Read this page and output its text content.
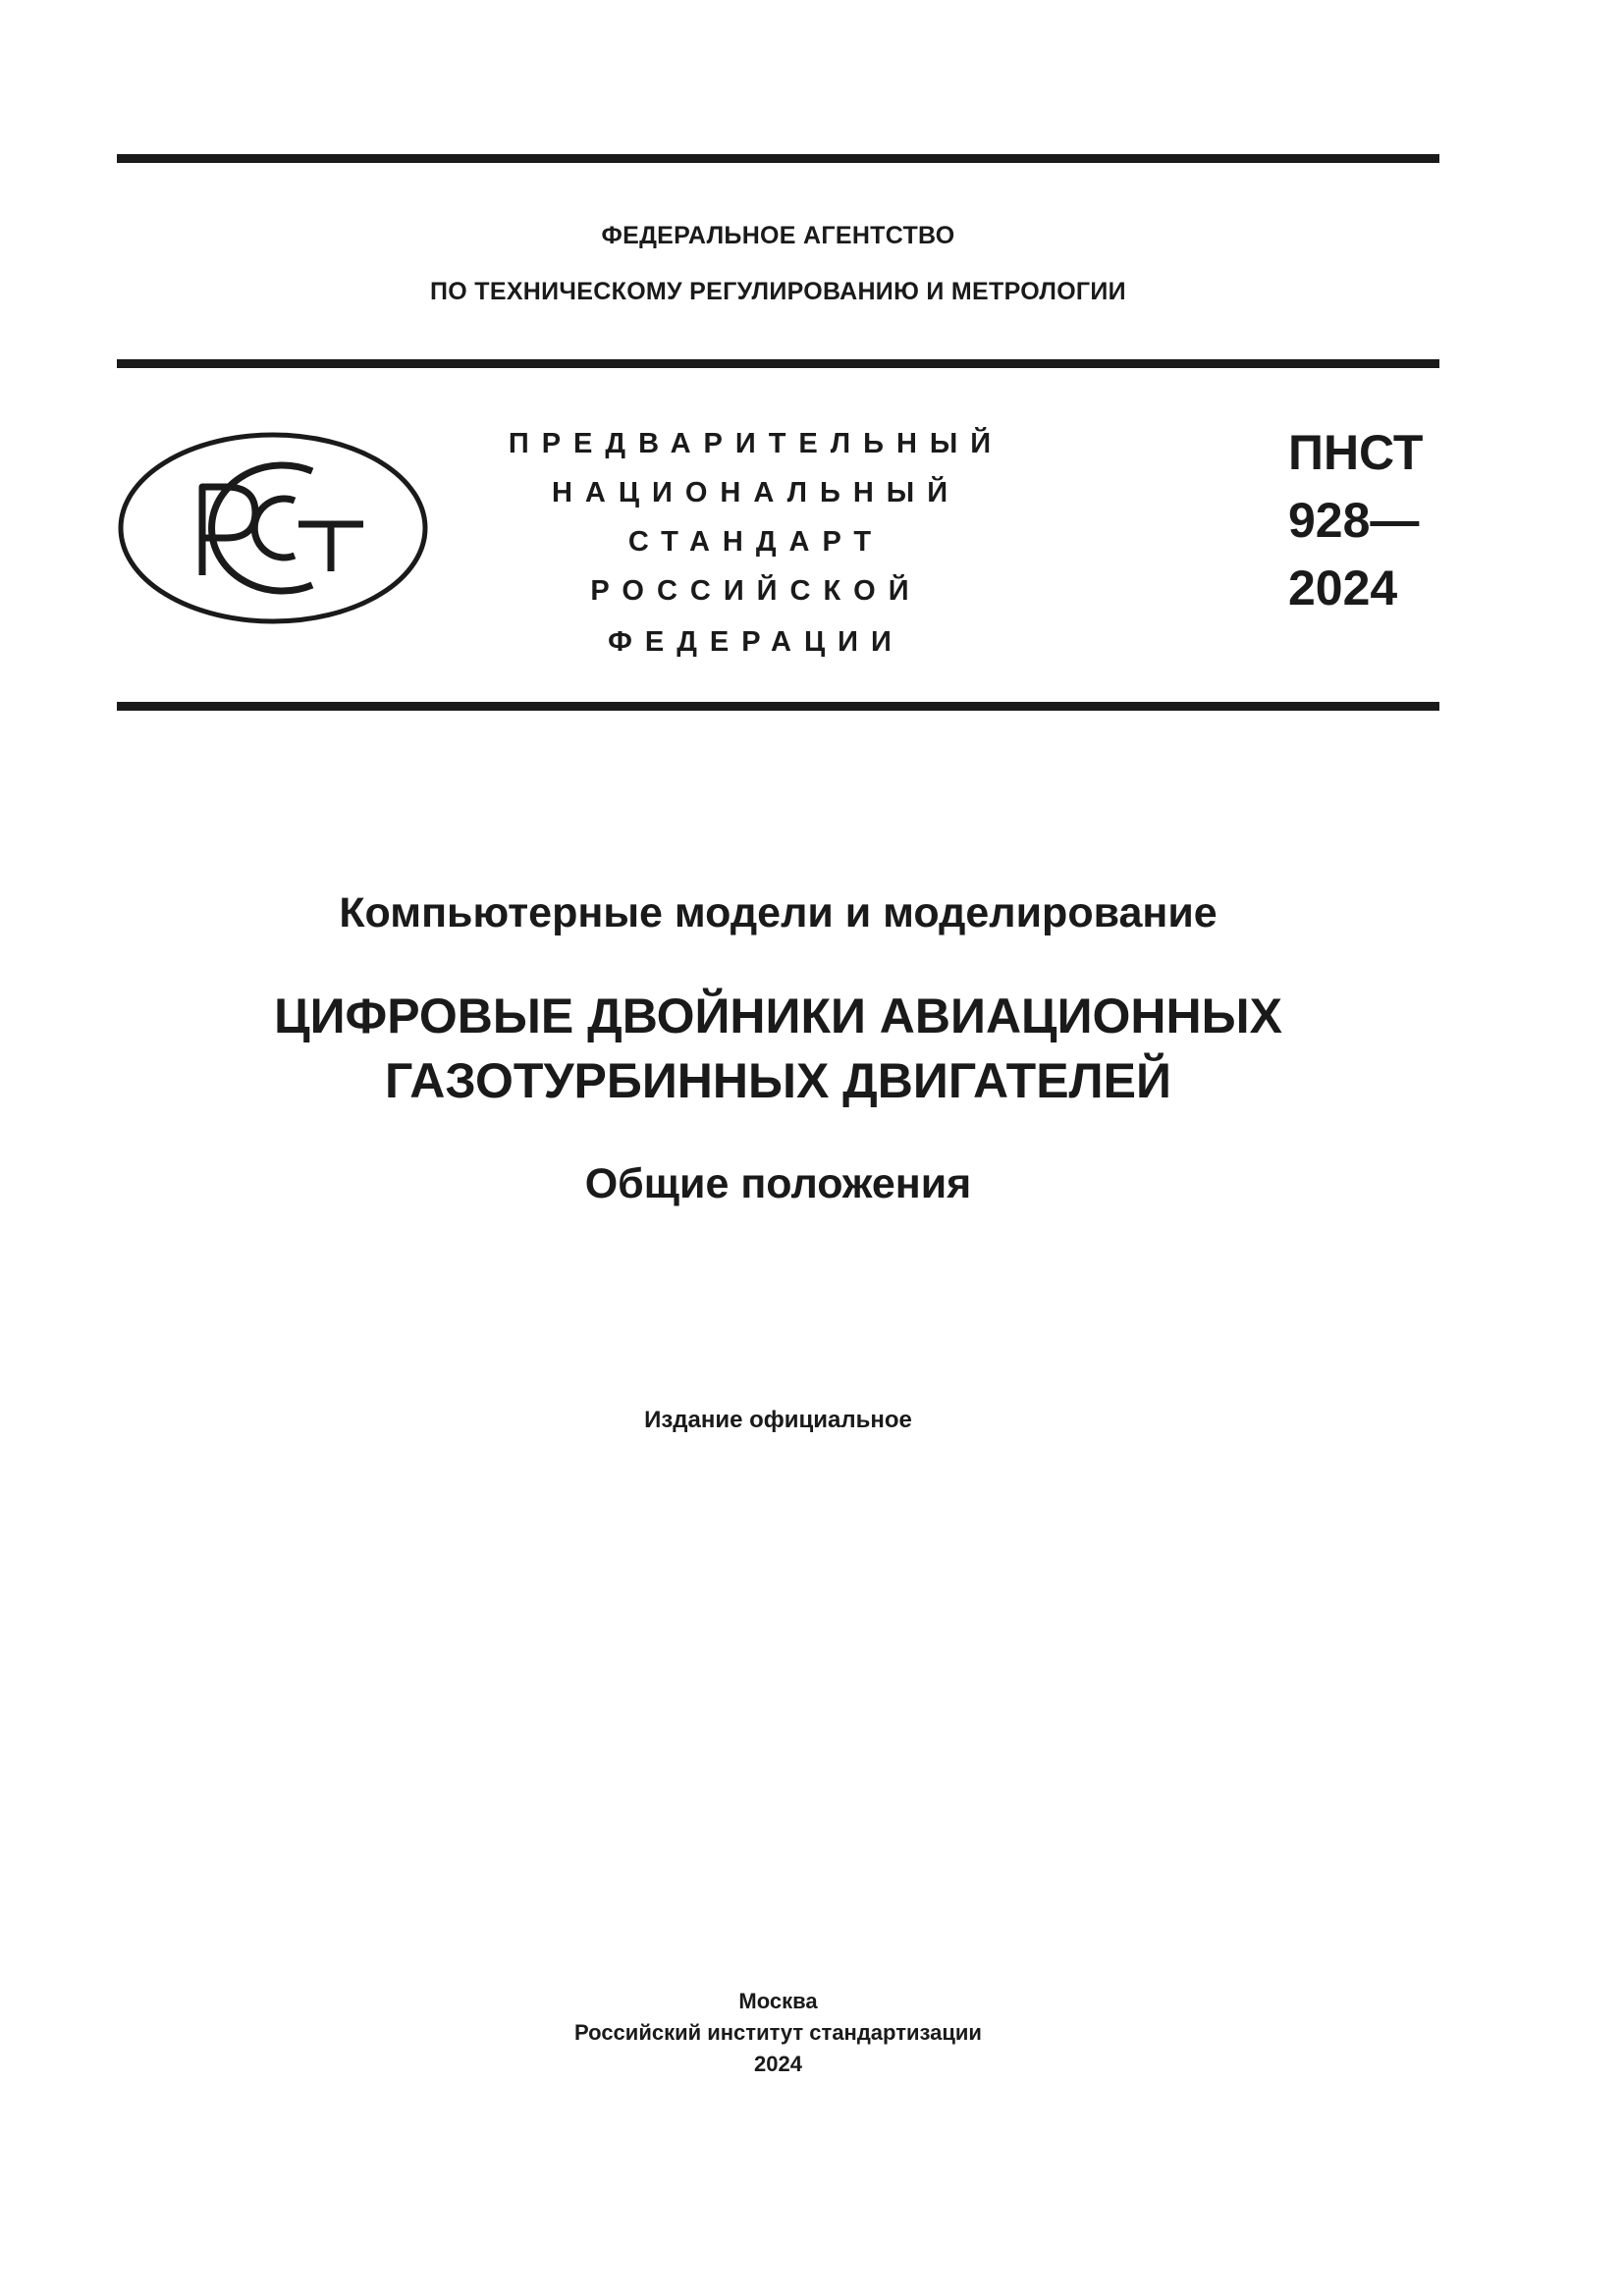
ФЕДЕРАЛЬНОЕ АГЕНТСТВО
ПО ТЕХНИЧЕСКОМУ РЕГУЛИРОВАНИЮ И МЕТРОЛОГИИ
ПРЕДВАРИТЕЛЬНЫЙ
НАЦИОНАЛЬНЫЙ
СТАНДАРТ
РОССИЙСКОЙ
ФЕДЕРАЦИИ
ПНСТ
928—
2024
Компьютерные модели и моделирование
ЦИФРОВЫЕ ДВОЙНИКИ АВИАЦИОННЫХ
ГАЗОТУРБИННЫХ ДВИГАТЕЛЕЙ
Общие положения
Издание официальное
Москва
Российский институт стандартизации
2024
